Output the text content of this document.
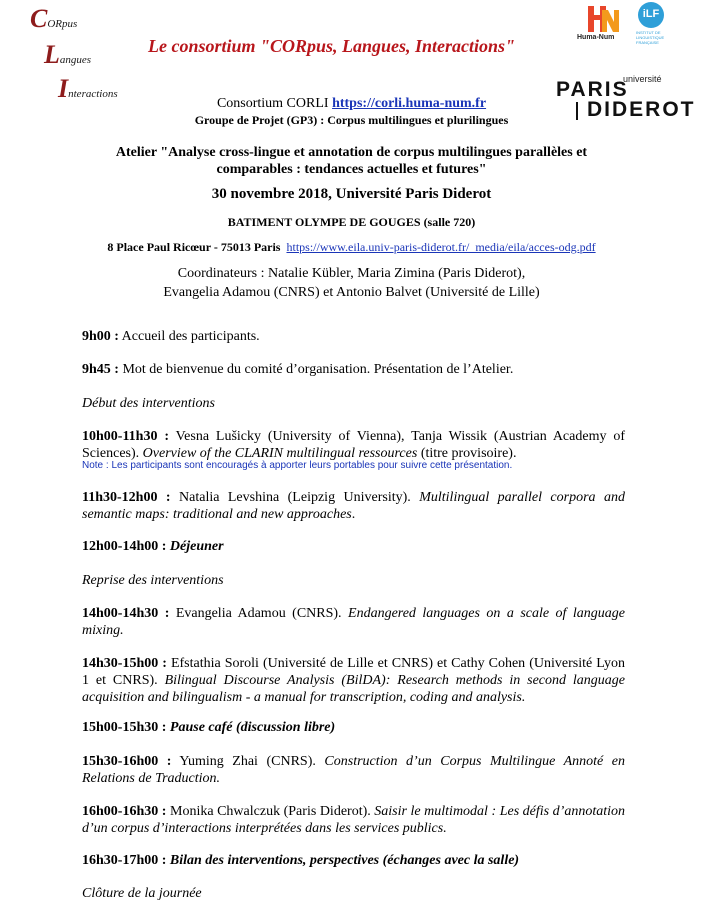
CORpus
Langues
Interactions
Le consortium "CORpus, Langues, Interactions"	Huma-Num
iLF
INSTITUT DE LINGUISTIQUE FRANÇAISE
université
PARIS
DIDEROT
Consortium CORLI https://corli.huma-num.fr
Groupe de Projet (GP3) : Corpus multilingues et plurilingues
Atelier "Analyse cross-lingue et annotation de corpus multilingues parallèles et
comparables : tendances actuelles et futures"
30 novembre 2018, Université Paris Diderot
BATIMENT OLYMPE DE GOUGES (salle 720)
8 Place Paul Ricœur - 75013 Paris https://www.eila.univ-paris-diderot.fr/_media/eila/acces-odg.pdf
Coordinateurs : Natalie Kübler, Maria Zimina (Paris Diderot),
Evangelia Adamou (CNRS) et Antonio Balvet (Université de Lille)
9h00 : Accueil des participants.
9h45 : Mot de bienvenue du comité d’organisation. Présentation de l’Atelier.
Début des interventions
10h00-11h30 : Vesna Lušicky (University of Vienna), Tanja Wissik (Austrian Academy of Sciences). Overview of the CLARIN multilingual ressources (titre provisoire).
Note : Les participants sont encouragés à apporter leurs portables pour suivre cette présentation.
11h30-12h00 : Natalia Levshina (Leipzig University). Multilingual parallel corpora and semantic maps: traditional and new approaches.
12h00-14h00 : Déjeuner
Reprise des interventions
14h00-14h30 : Evangelia Adamou (CNRS). Endangered languages on a scale of language mixing.
14h30-15h00 : Efstathia Soroli (Université de Lille et CNRS) et Cathy Cohen (Université Lyon 1 et CNRS). Bilingual Discourse Analysis (BilDA): Research methods in second language acquisition and bilingualism - a manual for transcription, coding and analysis.
15h00-15h30 : Pause café (discussion libre)
15h30-16h00 : Yuming Zhai (CNRS). Construction d’un Corpus Multilingue Annoté en Relations de Traduction.
16h00-16h30 : Monika Chwalczuk (Paris Diderot). Saisir le multimodal : Les défis d’annotation d’un corpus d’interactions interprétées dans les services publics.
16h30-17h00 : Bilan des interventions, perspectives (échanges avec la salle)
Clôture de la journée
